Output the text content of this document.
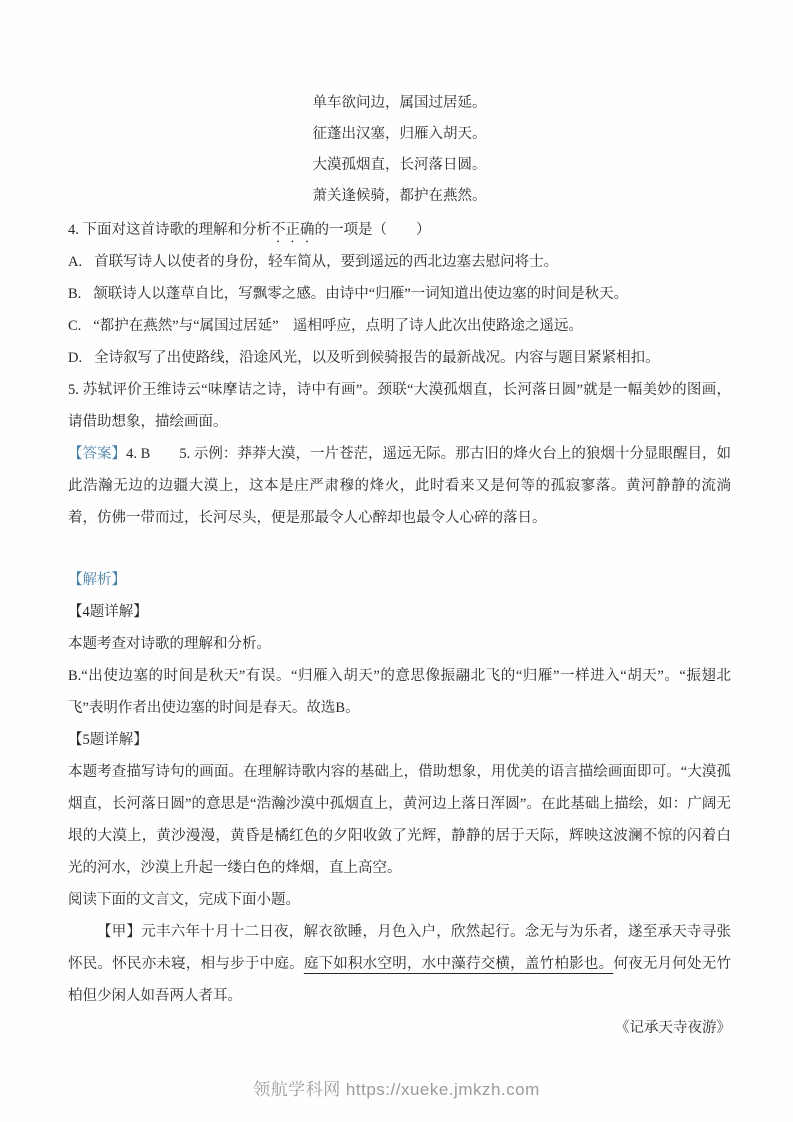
单车欲问边，属国过居延。

征蓬出汉塞，归雁入胡天。

大漠孤烟直，长河落日圆。

萧关逢候骑，都护在燕然。

4. 下面对这首诗歌的理解和分析不正确的一项是（　　）

A. 首联写诗人以使者的身份，轻车简从，要到遥远的西北边塞去慰问将士。

B. 颔联诗人以蓬草自比，写飘零之感。由诗中“归雁”一词知道出使边塞的时间是秋天。

C. “都护在燕然”与“属国过居延”　遥相呼应，点明了诗人此次出使路途之遥远。

D. 全诗叙写了出使路线，沿途风光，以及听到候骑报告的最新战况。内容与题目紧紧相扣。

5. 苏轼评价王维诗云“味摩诘之诗，诗中有画”。颈联“大漠孤烟直，长河落日圆”就是一幅美妙的图画，请借助想象，描绘画面。

【答案】4. B　　5. 示例：莽莽大漠，一片苍茫，遥远无际。那古旧的烽火台上的狼烟十分显眼醒目，如此浩瀚无边的边疆大漠上，这本是庄严肃穆的烽火，此时看来又是何等的孤寂寥落。黄河静静的流淌着，仿佛一带而过，长河尽头，便是那最令人心醉却也最令人心碎的落日。

【解析】

【4题详解】

本题考查对诗歌的理解和分析。

B.“出使边塞的时间是秋天”有误。“归雁入胡天”的意思像振翮北飞的“归雁”一样进入“胡天”。“振翅北飞”表明作者出使边塞的时间是春天。故选B。

【5题详解】

本题考查描写诗句的画面。在理解诗歌内容的基础上，借助想象，用优美的语言描绘画面即可。“大漠孤烟直，长河落日圆”的意思是“浩瀚沙漠中孤烟直上，黄河边上落日浑圆”。在此基础上描绘，如：广阔无垠的大漠上，黄沙漫漫，黄昏是橘红色的夕阳收敛了光辉，静静的居于天际，辉映这波澜不惊的闪着白光的河水，沙漠上升起一缕白色的烽烟，直上高空。

阅读下面的文言文，完成下面小题。

【甲】元丰六年十月十二日夜，解衣欲睡，月色入户，欣然起行。念无与为乐者，遂至承天寺寻张怀民。怀民亦未寝，相与步于中庭。庭下如积水空明，水中藻荇交横，盖竹柏影也。何夜无月何处无竹柏但少闲人如吾两人者耳。

《记承天寺夜游》

领航学科网 https://xueke.jmkzh.com
